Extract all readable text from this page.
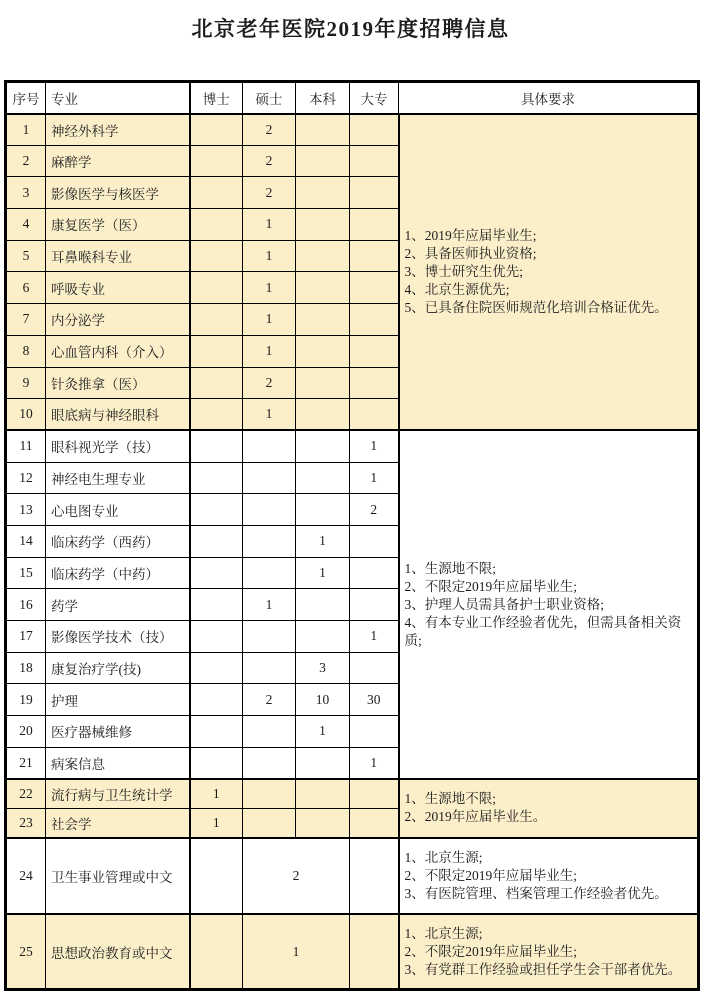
北京老年医院2019年度招聘信息
序号	专业	博士	硕士	本科	大专	具体要求
1	神经外科学		2			1、2019年应届毕业生;
2、具备医师执业资格;
3、博士研究生优先;
4、北京生源优先;
5、已具备住院医师规范化培训合格证优先。

2	麻醉学		2			
3	影像医学与核医学		2			
4	康复医学（医）		1			
5	耳鼻喉科专业		1			
6	呼吸专业		1			
7	内分泌学		1			
8	心血管内科（介入）		1			
9	针灸推拿（医）		2			
10	眼底病与神经眼科		1			
11	眼科视光学（技）				1	1、生源地不限;
2、不限定2019年应届毕业生;
3、护理人员需具备护士职业资格;
4、有本专业工作经验者优先，但需具备相关资质;

12	神经电生理专业				1	
13	心电图专业				2	
14	临床药学（西药）			1		
15	临床药学（中药）			1		
16	药学		1			
17	影像医学技术（技）				1	
18	康复治疗学(技)			3		
19	护理		2	10	30	
20	医疗器械维修			1		
21	病案信息				1	
22	流行病与卫生统计学	1				1、生源地不限;
2、2019年应届毕业生。

23	社会学	1				
24	卫生事业管理或中文		2			1、北京生源;
2、不限定2019年应届毕业生;
3、有医院管理、档案管理工作经验者优先。

25	思想政治教育或中文		1			1、北京生源;
2、不限定2019年应届毕业生;
3、有党群工作经验或担任学生会干部者优先。
